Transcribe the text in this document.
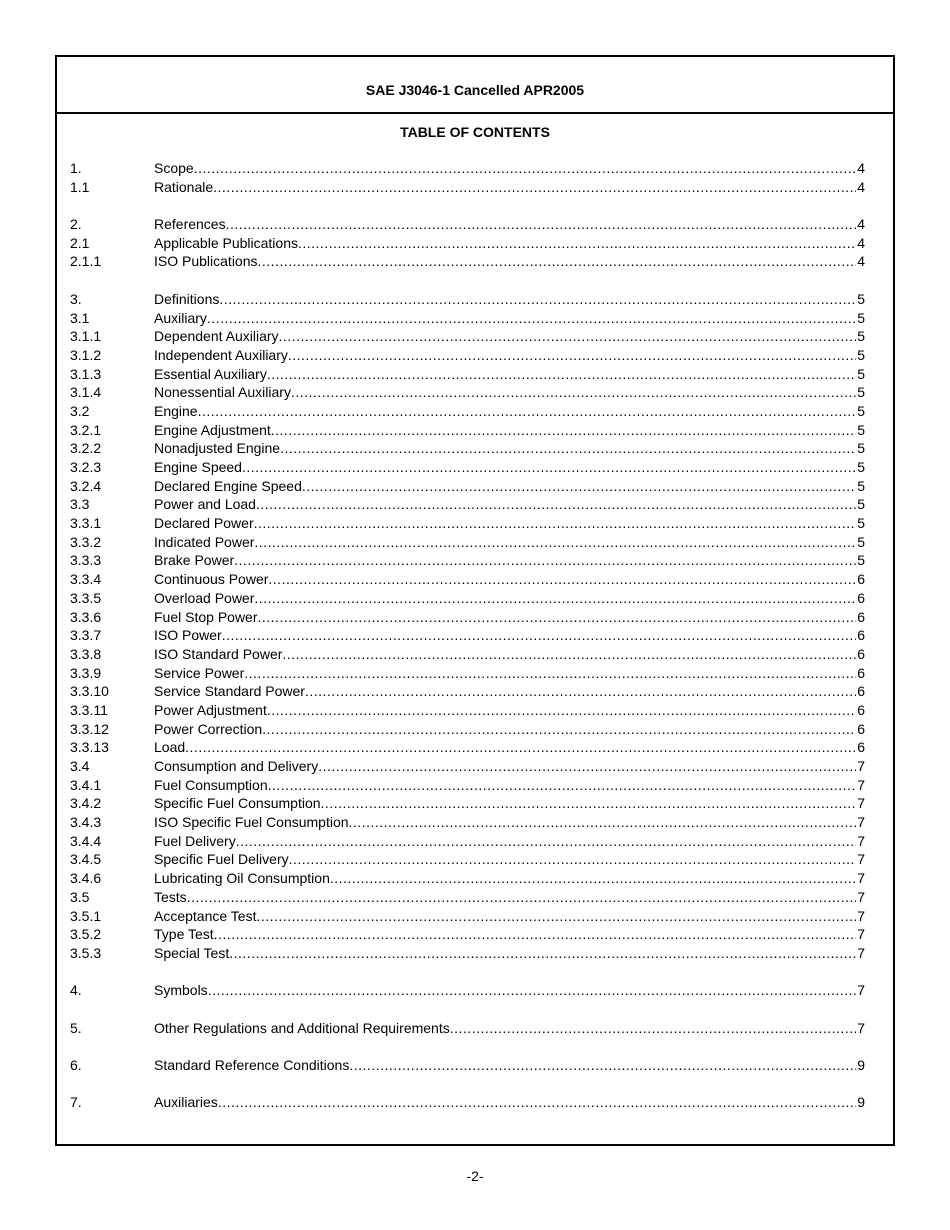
SAE J3046-1 Cancelled APR2005
TABLE OF CONTENTS
1.	Scope .....	4
1.1	Rationale .....	4
2.	References .....	4
2.1	Applicable Publications .....	4
2.1.1	ISO Publications .....	4
3.	Definitions .....	5
3.1	Auxiliary .....	5
3.1.1	Dependent Auxiliary .....	5
3.1.2	Independent Auxiliary .....	5
3.1.3	Essential Auxiliary .....	5
3.1.4	Nonessential Auxiliary .....	5
3.2	Engine .....	5
3.2.1	Engine Adjustment .....	5
3.2.2	Nonadjusted Engine .....	5
3.2.3	Engine Speed .....	5
3.2.4	Declared Engine Speed .....	5
3.3	Power and Load .....	5
3.3.1	Declared Power .....	5
3.3.2	Indicated Power .....	5
3.3.3	Brake Power .....	5
3.3.4	Continuous Power .....	6
3.3.5	Overload Power .....	6
3.3.6	Fuel Stop Power .....	6
3.3.7	ISO Power .....	6
3.3.8	ISO Standard Power .....	6
3.3.9	Service Power .....	6
3.3.10	Service Standard Power .....	6
3.3.11	Power Adjustment .....	6
3.3.12	Power Correction .....	6
3.3.13	Load .....	6
3.4	Consumption and Delivery .....	7
3.4.1	Fuel Consumption .....	7
3.4.2	Specific Fuel Consumption .....	7
3.4.3	ISO Specific Fuel Consumption .....	7
3.4.4	Fuel Delivery .....	7
3.4.5	Specific Fuel Delivery .....	7
3.4.6	Lubricating Oil Consumption .....	7
3.5	Tests .....	7
3.5.1	Acceptance Test .....	7
3.5.2	Type Test .....	7
3.5.3	Special Test .....	7
4.	Symbols .....	7
5.	Other Regulations and Additional Requirements .....	7
6.	Standard Reference Conditions .....	9
7.	Auxiliaries .....	9
-2-
